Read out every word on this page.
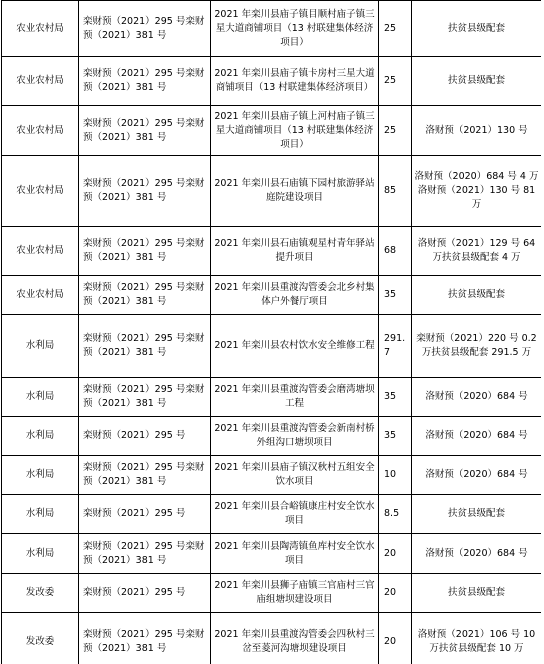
农业农村局	栾财预（2021）295 号栾财预（2021）381 号	2021 年栾川县庙子镇目顺村庙子镇三星大道商铺项目（13 村联建集体经济项目）	25	扶贫县级配套
农业农村局	栾财预（2021）295 号栾财预（2021）381 号	2021 年栾川县庙子镇卡房村三星大道商铺项目（13 村联建集体经济项目）	25	扶贫县级配套
农业农村局	栾财预（2021）295 号栾财预（2021）381 号	2021 年栾川县庙子镇上河村庙子镇三星大道商铺项目（13 村联建集体经济项目）	25	洛财预（2021）130 号
农业农村局	栾财预（2021）295 号栾财预（2021）381 号	2021 年栾川县石庙镇下园村旅游驿站庭院建设项目	85	洛财预（2020）684 号 4 万洛财预（2021）130 号 81 万
农业农村局	栾财预（2021）295 号栾财预（2021）381 号	2021 年栾川县石庙镇观星村青年驿站提升项目	68	洛财预（2021）129 号 64 万扶贫县级配套 4 万
农业农村局	栾财预（2021）295 号栾财预（2021）381 号	2021 年栾川县重渡沟管委会北乡村集体户外餐厅项目	35	扶贫县级配套
水利局	栾财预（2021）295 号栾财预（2021）381 号	2021 年栾川县农村饮水安全维修工程	291.7	栾财预（2021）220 号 0.2 万扶贫县级配套 291.5 万
水利局	栾财预（2021）295 号栾财预（2021）381 号	2021 年栾川县重渡沟管委会磨湾塘坝工程	35	洛财预（2020）684 号
水利局	栾财预（2021）295 号	2021 年栾川县重渡沟管委会新南村桥外组沟口塘坝项目	35	洛财预（2020）684 号
水利局	栾财预（2021）295 号栾财预（2021）381 号	2021 年栾川县庙子镇汉秋村五组安全饮水项目	10	洛财预（2020）684 号
水利局	栾财预（2021）295 号	2021 年栾川县合峪镇康庄村安全饮水项目	8.5	扶贫县级配套
水利局	栾财预（2021）295 号栾财预（2021）381 号	2021 年栾川县陶湾镇鱼库村安全饮水项目	20	洛财预（2020）684 号
发改委	栾财预（2021）295 号	2021 年栾川县狮子庙镇三官庙村三官庙组塘坝建设项目	20	扶贫县级配套
发改委	栾财预（2021）295 号栾财预（2021）381 号	2021 年栾川县重渡沟管委会四秋村三岔至菱河沟塘坝建设项目	20	洛财预（2021）106 号 10 万扶贫县级配套 10 万
